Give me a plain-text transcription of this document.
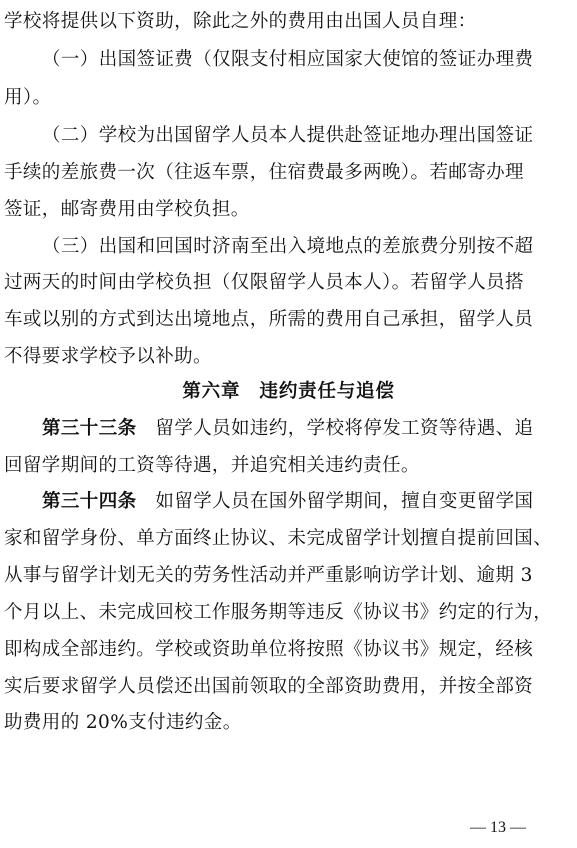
学校将提供以下资助，除此之外的费用由出国人员自理：
（一）出国签证费（仅限支付相应国家大使馆的签证办理费
用）。
（二）学校为出国留学人员本人提供赴签证地办理出国签证
手续的差旅费一次（往返车票，住宿费最多两晚）。若邮寄办理
签证，邮寄费用由学校负担。
（三）出国和回国时济南至出入境地点的差旅费分别按不超
过两天的时间由学校负担（仅限留学人员本人）。若留学人员搭
车或以别的方式到达出境地点，所需的费用自己承担，留学人员
不得要求学校予以补助。
第六章　违约责任与追偿
第三十三条　 留学人员如违约，学校将停发工资等待遇、追
回留学期间的工资等待遇，并追究相关违约责任。
第三十四条　 如留学人员在国外留学期间，擅自变更留学国
家和留学身份、单方面终止协议、未完成留学计划擅自提前回国、
从事与留学计划无关的劳务性活动并严重影响访学计划、逾期 3
个月以上、未完成回校工作服务期等违反《协议书》约定的行为，
即构成全部违约。学校或资助单位将按照《协议书》规定，经核
实后要求留学人员偿还出国前领取的全部资助费用，并按全部资
助费用的 20%支付违约金。
— 13 —
